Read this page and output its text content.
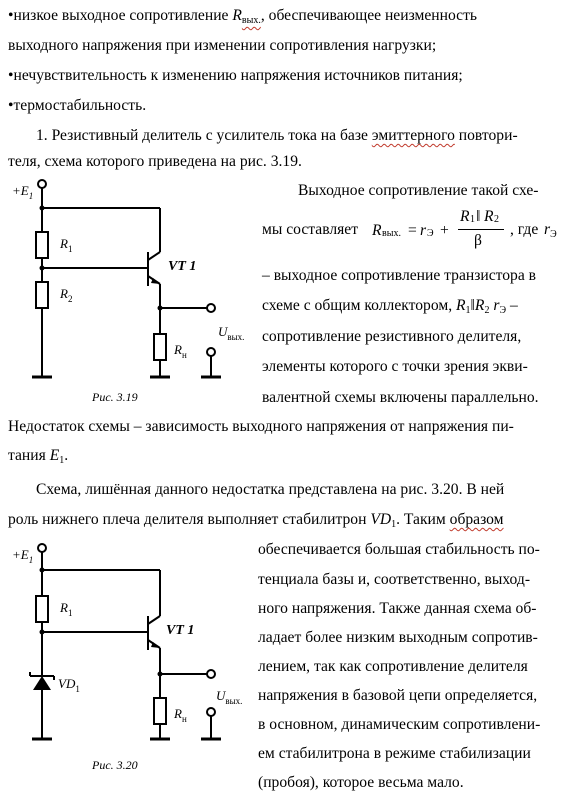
•низкое выходное сопротивление $R_{вых.}$, обеспечивающее неизменность
выходного напряжения при изменении сопротивления нагрузки;
•нечувствительность к изменению напряжения источников питания;
•термостабильность.
1. Резистивный делитель с усилитель тока на базе эмиттерного повтори-
теля, схема которого приведена на рис. 3.19.
Выходное сопротивление такой схе-
мы составляет R вых. = r Э +
R 1 ‖ R 2
β
, где $r_Э$
– выходное сопротивление транзистора в
схеме с общим коллектором, $R_1‖R_2$ $r_Э$ –
сопротивление резистивного делителя,
элементы которого с точки зрения экви-
валентной схемы включены параллельно.
Недостаток схемы – зависимость выходного напряжения от напряжения пи-
тания $E_1$.
Схема, лишённая данного недостатка представлена на рис. 3.20. В ней
роль нижнего плеча делителя выполняет стабилитрон $VD_1$. Таким образом
обеспечивается большая стабильность по-
тенциала базы и, соответственно, выход-
ного напряжения. Также данная схема об-
ладает более низким выходным сопротив-
лением, так как сопротивление делителя
напряжения в базовой цепи определяется,
в основном, динамическим сопротивлени-
ем стабилитрона в режиме стабилизации
(пробоя), которое весьма мало.
$+E_1$
$R_1$
$R_2$
VT 1
$R_н$
$U_{вых.}$
Рис. 3.19
$+E_1$
$R_1$
$VD_1$
VT 1
$R_н$
$U_{вых.}$
Рис. 3.20
